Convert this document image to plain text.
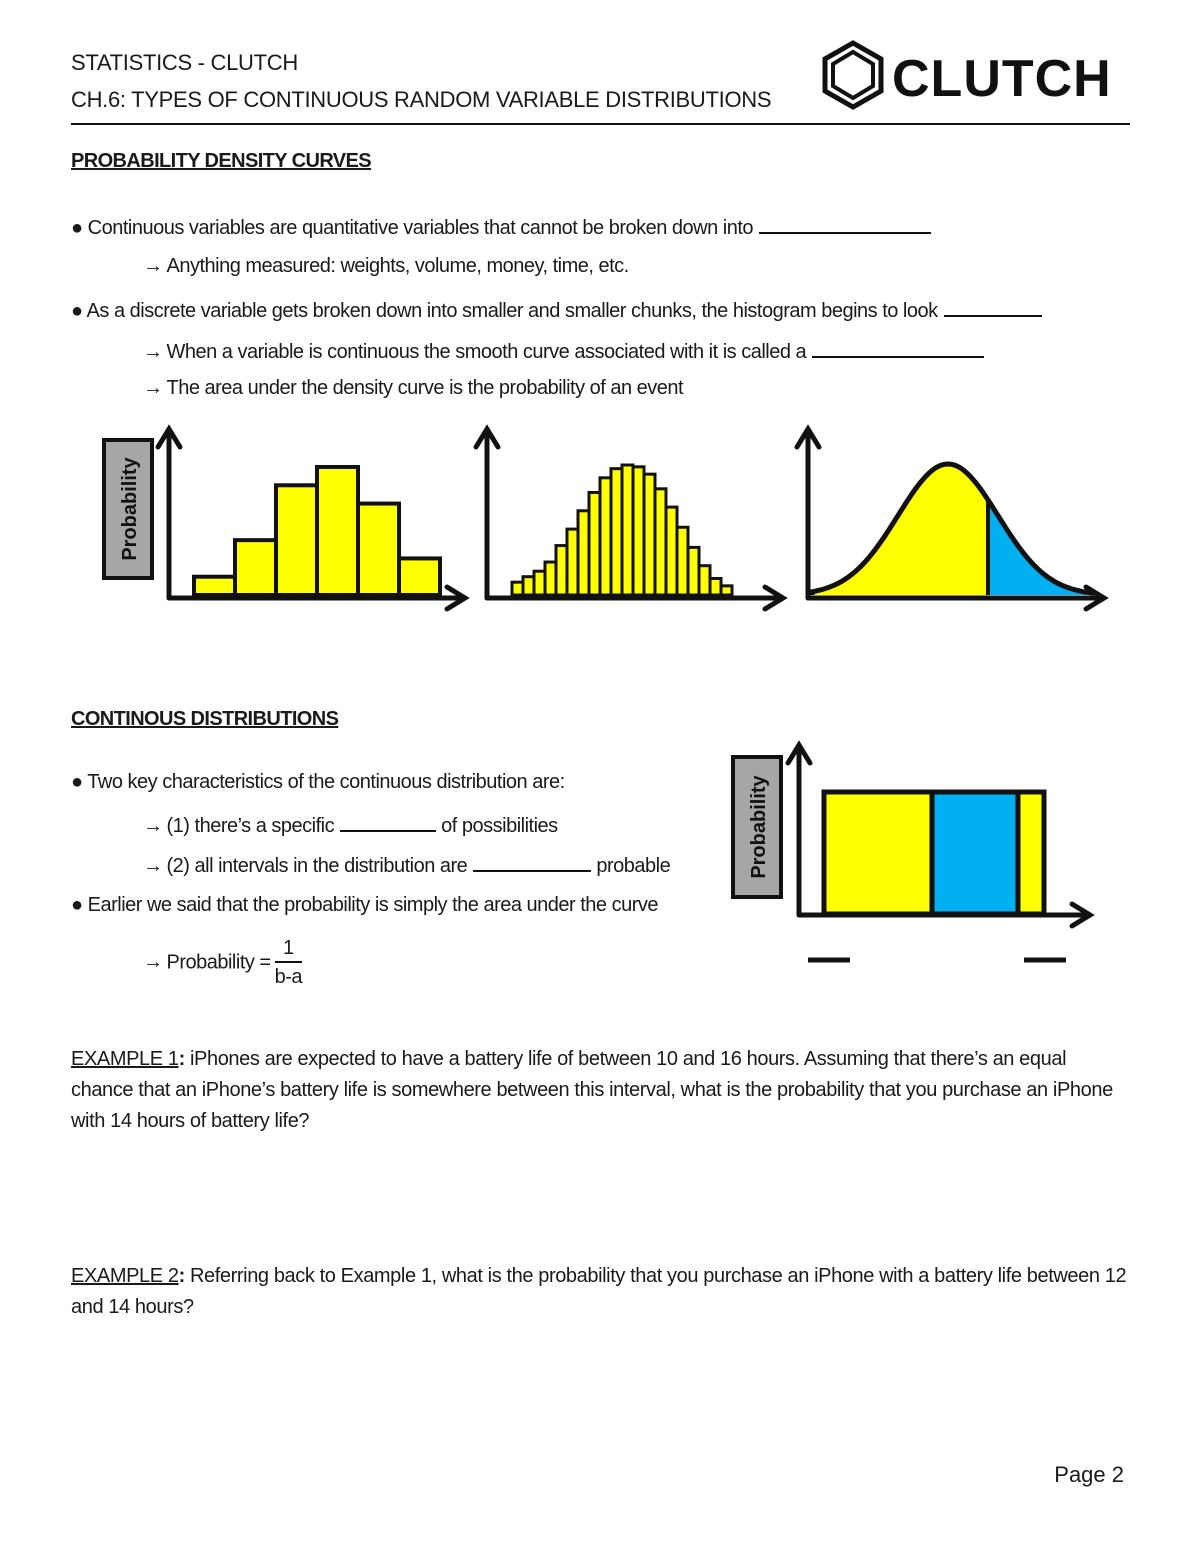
STATISTICS - CLUTCH
CH.6: TYPES OF CONTINUOUS RANDOM VARIABLE DISTRIBUTIONS	CLUTCH
PROBABILITY DENSITY CURVES
● Continuous variables are quantitative variables that cannot be broken down into
→ Anything measured: weights, volume, money, time, etc.
● As a discrete variable gets broken down into smaller and smaller chunks, the histogram begins to look
→ When a variable is continuous the smooth curve associated with it is called a
→ The area under the density curve is the probability of an event
Probability
CONTINOUS DISTRIBUTIONS
● Two key characteristics of the continuous distribution are:
→ (1) there’s a specific	of possibilities
→ (2) all intervals in the distribution are	probable
● Earlier we said that the probability is simply the area under the curve
→ Probability = $\frac{1}{b-a}$
Probability
EXAMPLE 1: iPhones are expected to have a battery life of between 10 and 16 hours. Assuming that there’s an equal chance that an iPhone’s battery life is somewhere between this interval, what is the probability that you purchase an iPhone with 14 hours of battery life?
EXAMPLE 2: Referring back to Example 1, what is the probability that you purchase an iPhone with a battery life between 12 and 14 hours?
Page 2
